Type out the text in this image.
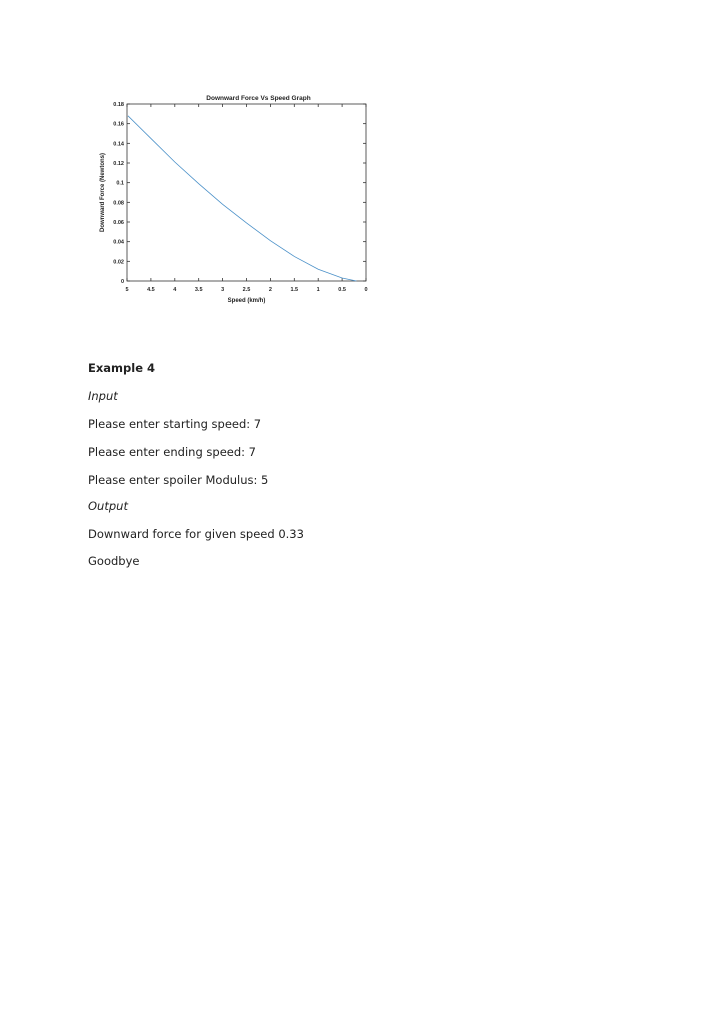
Downward Force Vs Speed Graph
5	4.5	4	3.5	3	2.5	2	1.5	1	0.5	0
0
0.02
0.04
0.06
0.08
0.1
0.12
0.14
0.16
0.18
Speed (km/h)
Downward Force (Newtons)

Example 4

Input

Please enter starting speed: 7

Please enter ending speed: 7

Please enter spoiler Modulus: 5

Output

Downward force for given speed 0.33

Goodbye
